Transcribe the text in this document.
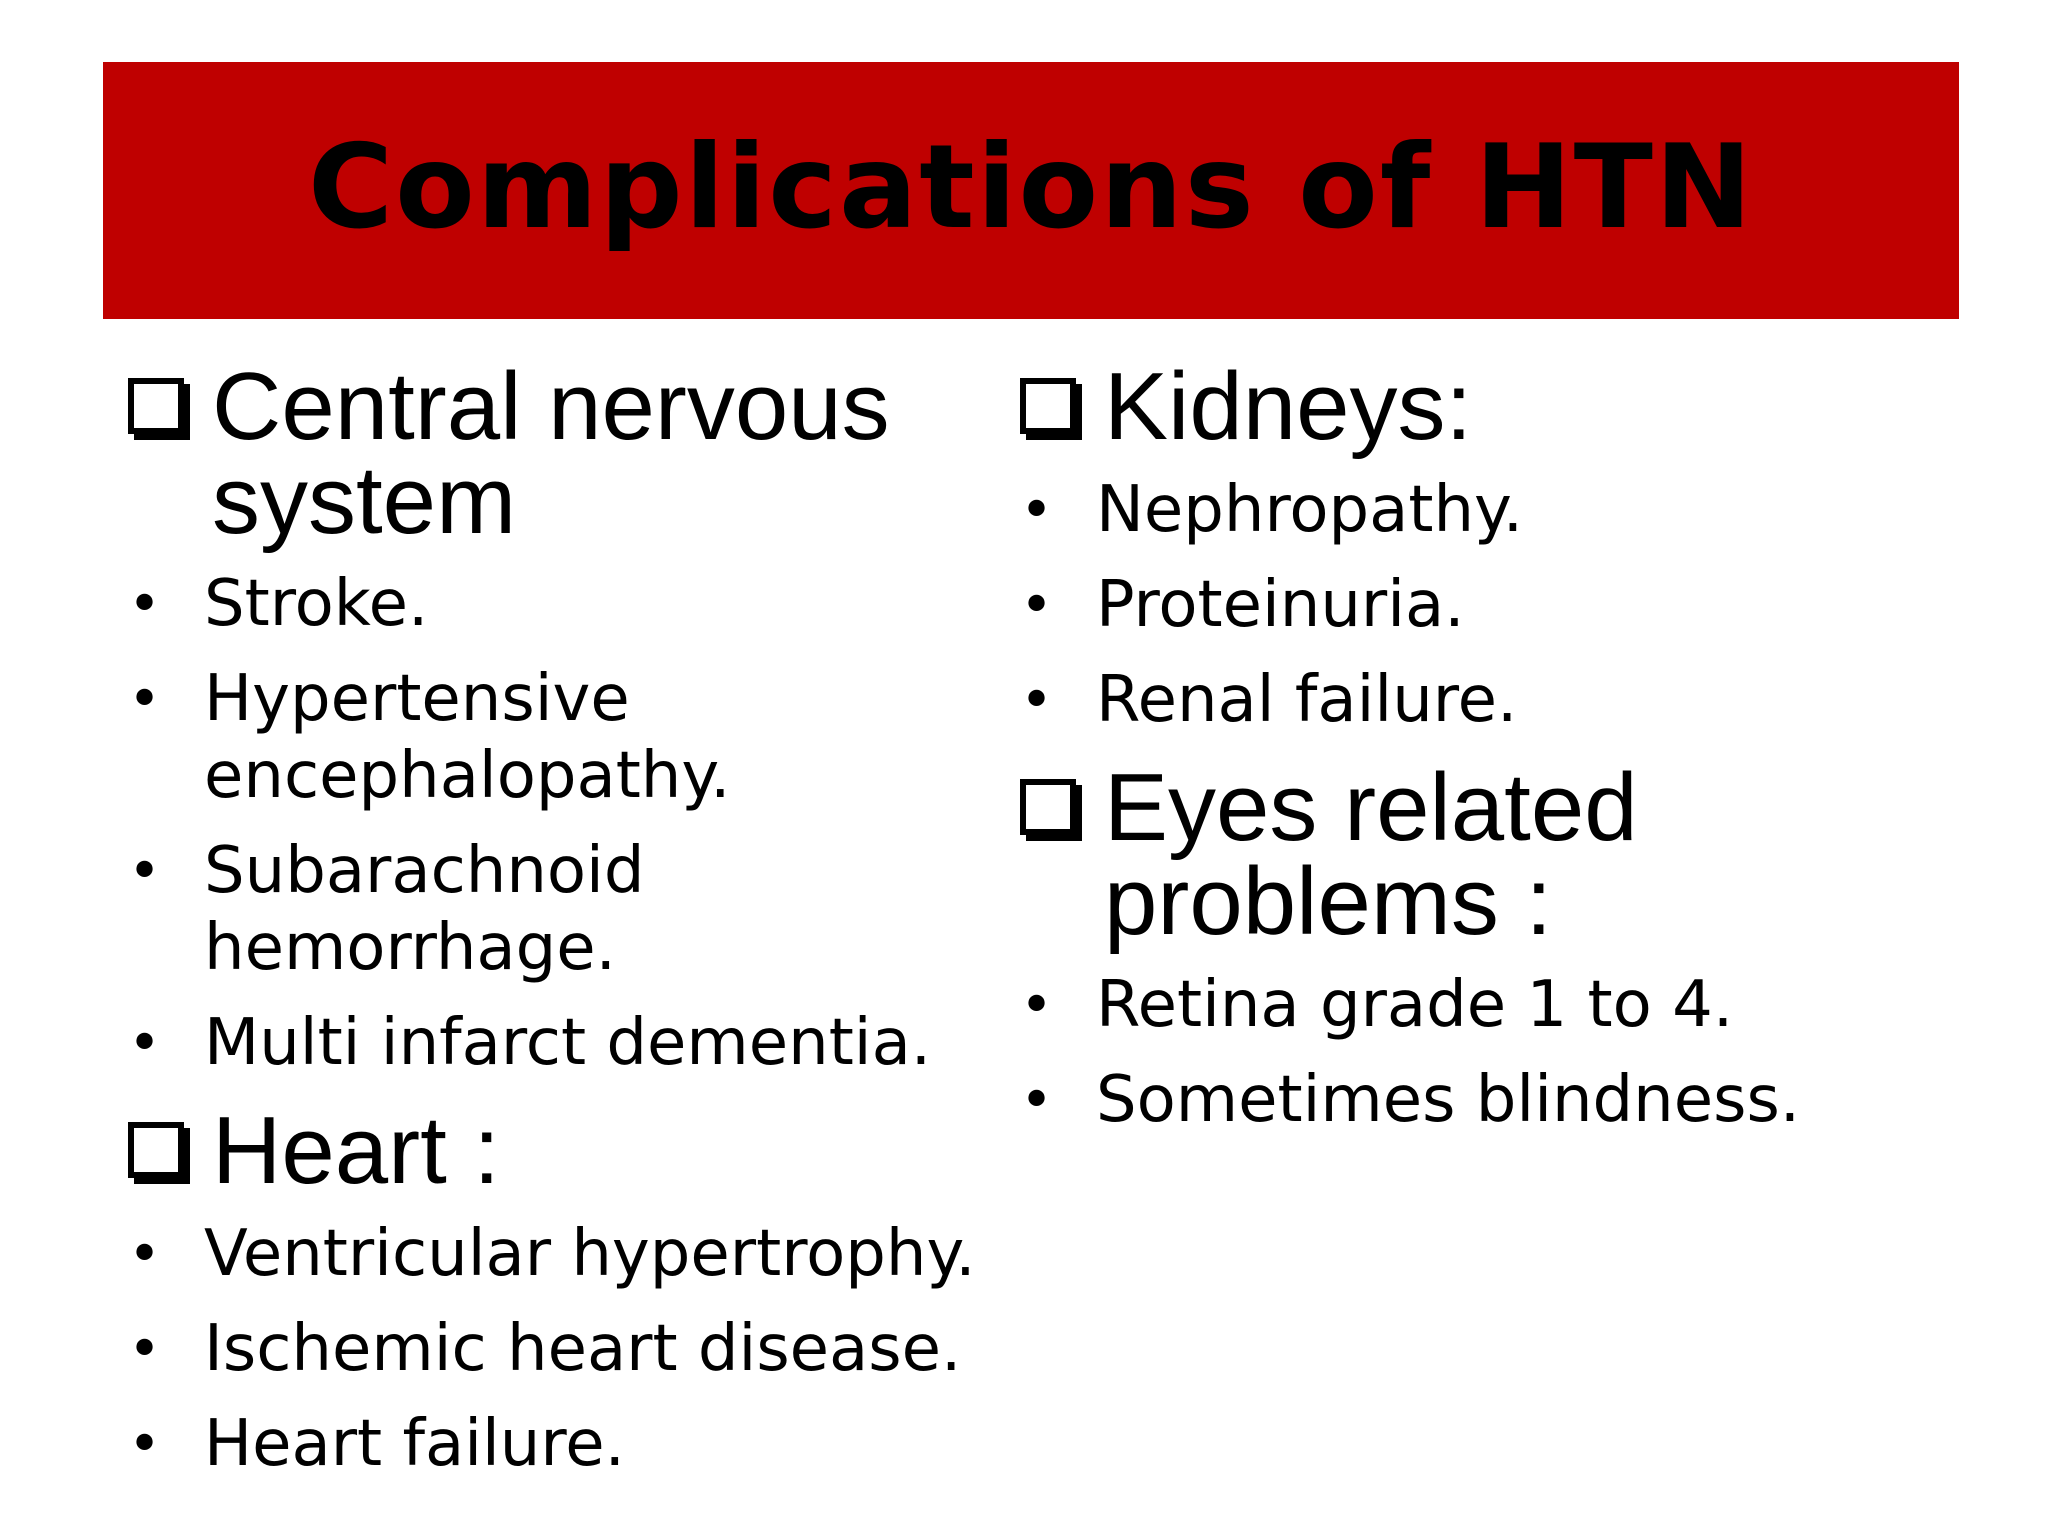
Complications of HTN
Central nervous system
• Stroke.
• Hypertensive encephalopathy.
• Subarachnoid hemorrhage.
• Multi infarct dementia.
Heart :
• Ventricular hypertrophy.
• Ischemic heart disease.
• Heart failure.
Kidneys:
• Nephropathy.
• Proteinuria.
• Renal failure.
Eyes related problems :
• Retina grade 1 to 4.
• Sometimes blindness.
